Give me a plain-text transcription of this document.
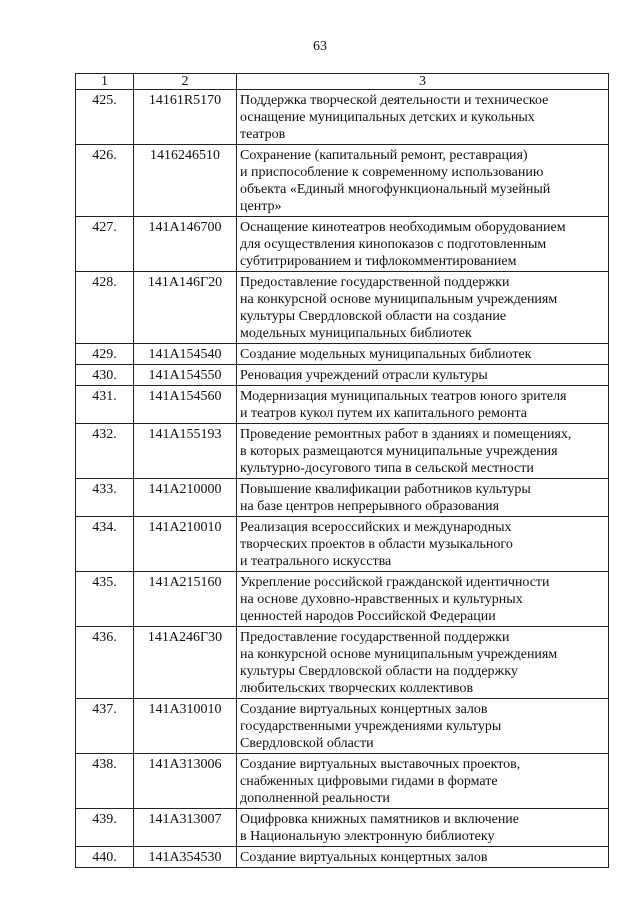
63
1	2	3
425.	14161R5170	Поддержка творческой деятельности и техническое
оснащение муниципальных детских и кукольных
театров

426.	1416246510	Сохранение (капитальный ремонт, реставрация)
и приспособление к современному использованию
объекта «Единый многофункциональный музейный
центр»

427.	141A146700	Оснащение кинотеатров необходимым оборудованием
для осуществления кинопоказов с подготовленным
субтитрированием и тифлокомментированием

428.	141A146Г20	Предоставление государственной поддержки
на конкурсной основе муниципальным учреждениям
культуры Свердловской области на создание
модельных муниципальных библиотек

429.	141A154540	Создание модельных муниципальных библиотек

430.	141A154550	Реновация учреждений отрасли культуры

431.	141A154560	Модернизация муниципальных театров юного зрителя
и театров кукол путем их капитального ремонта

432.	141A155193	Проведение ремонтных работ в зданиях и помещениях,
в которых размещаются муниципальные учреждения
культурно-досугового типа в сельской местности

433.	141A210000	Повышение квалификации работников культуры
на базе центров непрерывного образования

434.	141A210010	Реализация всероссийских и международных
творческих проектов в области музыкального
и театрального искусства

435.	141A215160	Укрепление российской гражданской идентичности
на основе духовно-нравственных и культурных
ценностей народов Российской Федерации

436.	141A246Г30	Предоставление государственной поддержки
на конкурсной основе муниципальным учреждениям
культуры Свердловской области на поддержку
любительских творческих коллективов

437.	141A310010	Создание виртуальных концертных залов
государственными учреждениями культуры
Свердловской области

438.	141A313006	Создание виртуальных выставочных проектов,
снабженных цифровыми гидами в формате
дополненной реальности

439.	141A313007	Оцифровка книжных памятников и включение
в Национальную электронную библиотеку

440.	141A354530	Создание виртуальных концертных залов
